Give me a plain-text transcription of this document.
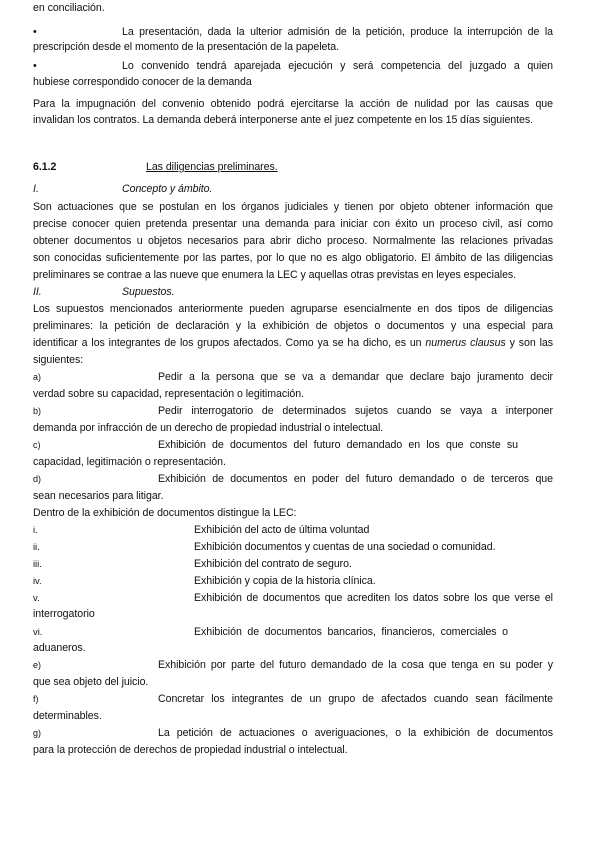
en conciliación.
•	La presentación, dada la ulterior admisión de la petición, produce la interrupción de la
prescripción desde el momento de la presentación de la papeleta.
•	Lo convenido tendrá aparejada ejecución y será competencia del juzgado a quien
hubiese correspondido conocer de la demanda
Para la impugnación del convenio obtenido podrá ejercitarse la acción de nulidad por las causas que
invalidan los contratos. La demanda deberá interponerse ante el juez competente en los 15 días siguientes.
6.1.2	Las diligencias preliminares.
I.	Concepto y ámbito.
Son actuaciones que se postulan en los órganos judiciales y tienen por objeto obtener información que
precise conocer quien pretenda presentar una demanda para iniciar con éxito un proceso civil, así como
obtener documentos u objetos necesarios para abrir dicho proceso. Normalmente las relaciones privadas
son conocidas suficientemente por las partes, por lo que no es algo obligatorio. El ámbito de las diligencias
preliminares se contrae a las nueve que enumera la LEC y aquellas otras previstas en leyes especiales.
II.	Supuestos.
Los supuestos mencionados anteriormente pueden agruparse esencialmente en dos tipos de diligencias
preliminares: la petición de declaración y la exhibición de objetos o documentos y una especial para
identificar a los integrantes de los grupos afectados. Como ya se ha dicho, es un numerus clausus y son las
siguientes:
a)	Pedir a la persona que se va a demandar que declare bajo juramento decir
verdad sobre su capacidad, representación o legitimación.
b)	Pedir interrogatorio de determinados sujetos cuando se vaya a interponer
demanda por infracción de un derecho de propiedad industrial o intelectual.
c)	Exhibición de documentos del futuro demandado en los que conste su
capacidad, legitimación o representación.
d)	Exhibición de documentos en poder del futuro demandado o de terceros que
sean necesarios para litigar.
Dentro de la exhibición de documentos distingue la LEC:
i.	Exhibición del acto de última voluntad
ii.	Exhibición documentos y cuentas de una sociedad o comunidad.
iii.	Exhibición del contrato de seguro.
iv.	Exhibición y copia de la historia clínica.
v.	Exhibición de documentos que acrediten los datos sobre los que verse el
interrogatorio
vi.	Exhibición de documentos bancarios, financieros, comerciales o
aduaneros.
e)	Exhibición por parte del futuro demandado de la cosa que tenga en su poder y
que sea objeto del juicio.
f)	Concretar los integrantes de un grupo de afectados cuando sean fácilmente
determinables.
g)	La petición de actuaciones o averiguaciones, o la exhibición de documentos
para la protección de derechos de propiedad industrial o intelectual.
